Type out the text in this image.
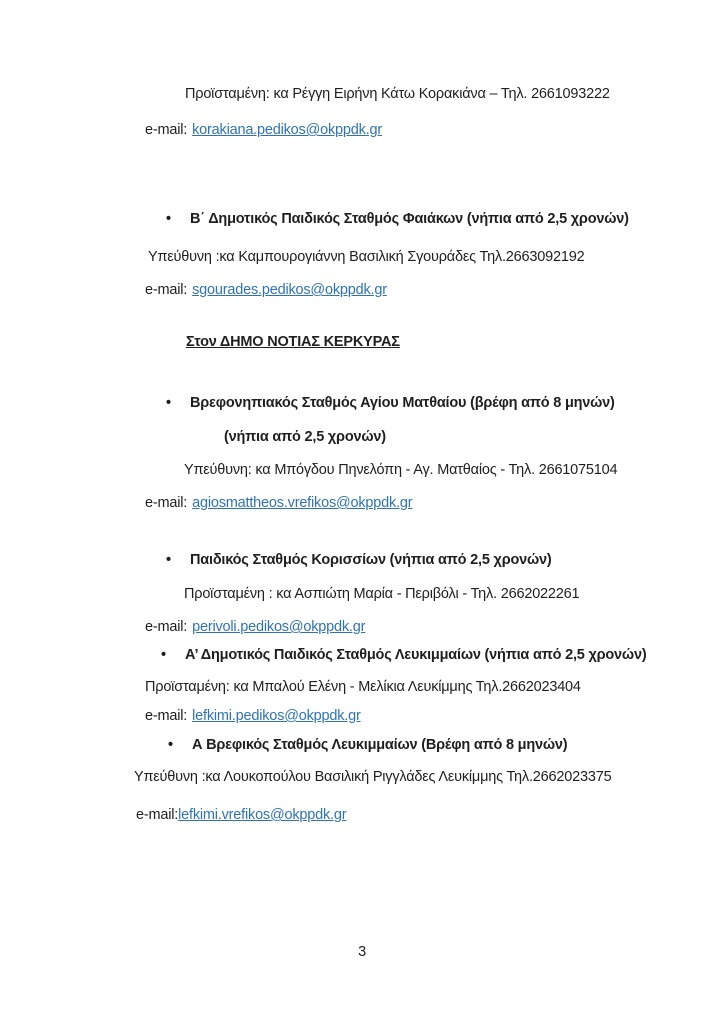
Προϊσταμένη: κα Ρέγγη Ειρήνη Κάτω Κορακιάνα – Τηλ. 2661093222

e-mail: korakiana.pedikos@okppdk.gr

• Β΄ Δημοτικός Παιδικός Σταθμός Φαιάκων (νήπια από 2,5 χρονών)

Υπεύθυνη :κα Καμπουρογιάννη Βασιλική Σγουράδες Τηλ.2663092192

e-mail: sgourades.pedikos@okppdk.gr

Στον ΔΗΜΟ ΝΟΤΙΑΣ ΚΕΡΚΥΡΑΣ

• Βρεφονηπιακός Σταθμός Αγίου Ματθαίου (βρέφη από 8 μηνών)

(νήπια από 2,5 χρονών)

Υπεύθυνη: κα Μπόγδου Πηνελόπη - Αγ. Ματθαίος - Τηλ. 2661075104

e-mail: agiosmattheos.vrefikos@okppdk.gr

• Παιδικός Σταθμός Κορισσίων (νήπια από 2,5 χρονών)

Προϊσταμένη : κα Ασπιώτη Μαρία - Περιβόλι - Τηλ. 2662022261

e-mail: perivoli.pedikos@okppdk.gr

• Α’ Δημοτικός Παιδικός Σταθμός Λευκιμμαίων (νήπια από 2,5 χρονών)

Προϊσταμένη: κα Μπαλού Ελένη - Μελίκια Λευκίμμης Τηλ.2662023404

e-mail: lefkimi.pedikos@okppdk.gr

• Α Βρεφικός Σταθμός Λευκιμμαίων (Βρέφη από 8 μηνών)

Υπεύθυνη :κα Λουκοπούλου Βασιλική Ριγγλάδες Λευκίμμης Τηλ.2662023375

e-mail:lefkimi.vrefikos@okppdk.gr

3
